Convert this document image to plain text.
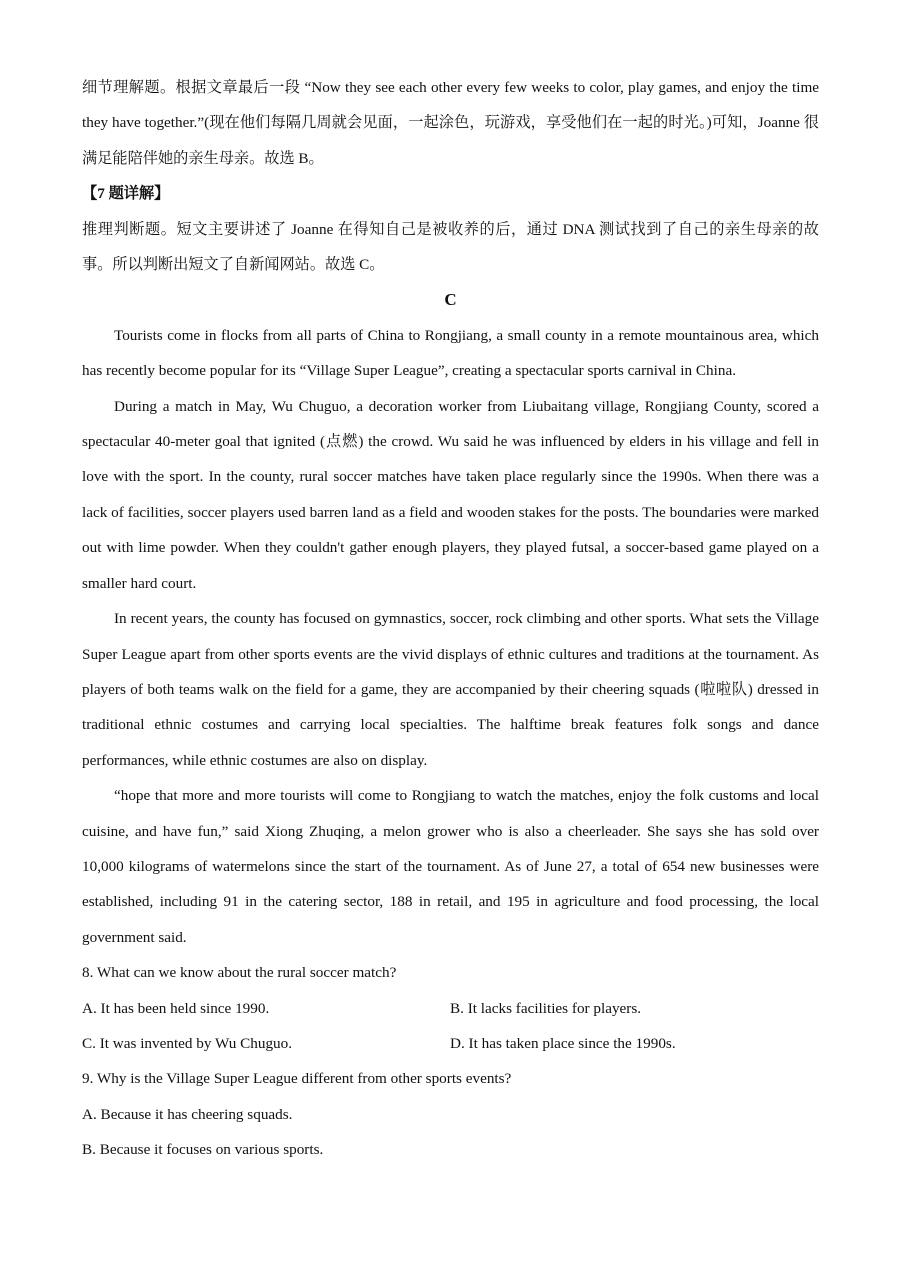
细节理解题。根据文章最后一段 “Now they see each other every few weeks to color, play games, and enjoy the time they have together.”(现在他们每隔几周就会见面，一起涂色，玩游戏，享受他们在一起的时光。)可知，Joanne 很满足能陪伴她的亲生母亲。故选 B。

【7 题详解】

推理判断题。短文主要讲述了 Joanne 在得知自己是被收养的后，通过 DNA 测试找到了自己的亲生母亲的故事。所以判断出短文了自新闻网站。故选 C。

C

Tourists come in flocks from all parts of China to Rongjiang, a small county in a remote mountainous area, which has recently become popular for its “Village Super League”, creating a spectacular sports carnival in China.

During a match in May, Wu Chuguo, a decoration worker from Liubaitang village, Rongjiang County, scored a spectacular 40-meter goal that ignited (点燃) the crowd. Wu said he was influenced by elders in his village and fell in love with the sport. In the county, rural soccer matches have taken place regularly since the 1990s. When there was a lack of facilities, soccer players used barren land as a field and wooden stakes for the posts. The boundaries were marked out with lime powder. When they couldn't gather enough players, they played futsal, a soccer-based game played on a smaller hard court.

In recent years, the county has focused on gymnastics, soccer, rock climbing and other sports. What sets the Village Super League apart from other sports events are the vivid displays of ethnic cultures and traditions at the tournament. As players of both teams walk on the field for a game, they are accompanied by their cheering squads (啦啦队) dressed in traditional ethnic costumes and carrying local specialties. The halftime break features folk songs and dance performances, while ethnic costumes are also on display.

“hope that more and more tourists will come to Rongjiang to watch the matches, enjoy the folk customs and local cuisine, and have fun,” said Xiong Zhuqing, a melon grower who is also a cheerleader. She says she has sold over 10,000 kilograms of watermelons since the start of the tournament. As of June 27, a total of 654 new businesses were established, including 91 in the catering sector, 188 in retail, and 195 in agriculture and food processing, the local government said.

8. What can we know about the rural soccer match?

A. It has been held since 1990.	B. It lacks facilities for players.
C. It was invented by Wu Chuguo.	D. It has taken place since the 1990s.

9. Why is the Village Super League different from other sports events?

A. Because it has cheering squads.

B. Because it focuses on various sports.
